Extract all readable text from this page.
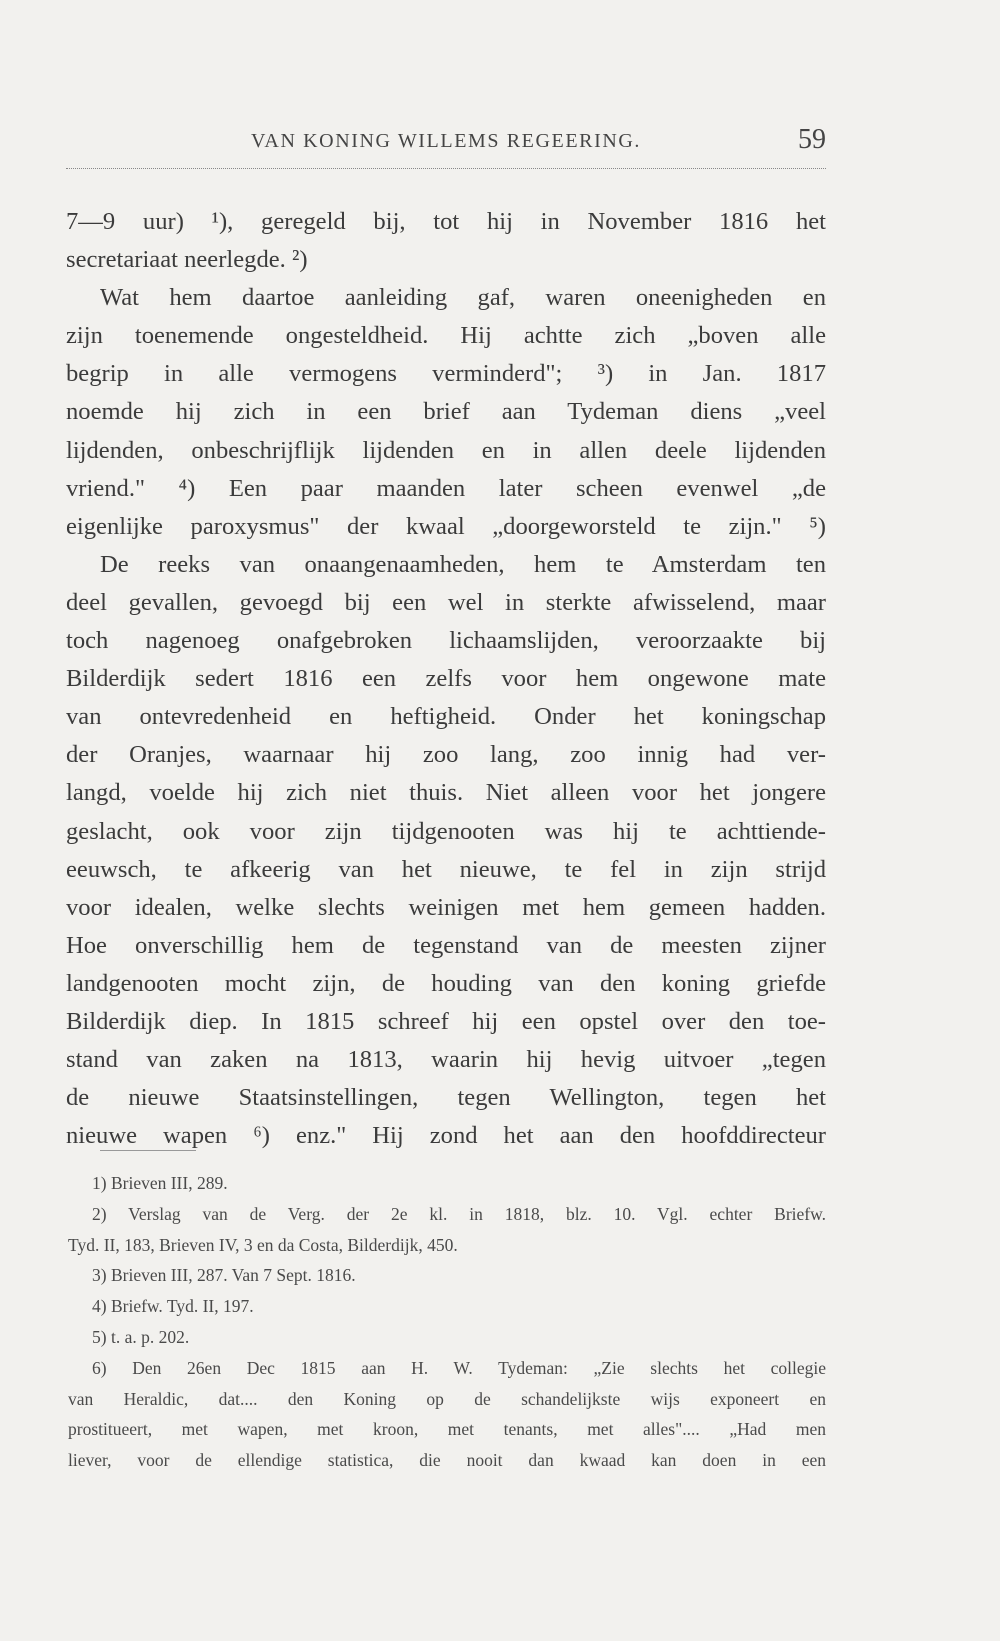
VAN KONING WILLEMS REGEERING.	59
7—9 uur) ¹), geregeld bij, tot hij in November 1816 het
secretariaat neerlegde. ²)
Wat hem daartoe aanleiding gaf, waren oneenigheden en
zijn toenemende ongesteldheid. Hij achtte zich „boven alle
begrip in alle vermogens verminderd"; ³) in Jan. 1817
noemde hij zich in een brief aan Tydeman diens „veel
lijdenden, onbeschrijflijk lijdenden en in allen deele lijdenden
vriend." ⁴) Een paar maanden later scheen evenwel „de
eigenlijke paroxysmus" der kwaal „doorgeworsteld te zijn." ⁵)
De reeks van onaangenaamheden, hem te Amsterdam ten
deel gevallen, gevoegd bij een wel in sterkte afwisselend, maar
toch nagenoeg onafgebroken lichaamslijden, veroorzaakte bij
Bilderdijk sedert 1816 een zelfs voor hem ongewone mate
van ontevredenheid en heftigheid. Onder het koningschap
der Oranjes, waarnaar hij zoo lang, zoo innig had ver-
langd, voelde hij zich niet thuis. Niet alleen voor het jongere
geslacht, ook voor zijn tijdgenooten was hij te achttiende-
eeuwsch, te afkeerig van het nieuwe, te fel in zijn strijd
voor idealen, welke slechts weinigen met hem gemeen hadden.
Hoe onverschillig hem de tegenstand van de meesten zijner
landgenooten mocht zijn, de houding van den koning griefde
Bilderdijk diep. In 1815 schreef hij een opstel over den toe-
stand van zaken na 1813, waarin hij hevig uitvoer „tegen
de nieuwe Staatsinstellingen, tegen Wellington, tegen het
nieuwe wapen ⁶) enz." Hij zond het aan den hoofddirecteur
1) Brieven III, 289.
2) Verslag van de Verg. der 2e kl. in 1818, blz. 10. Vgl. echter Briefw.
Tyd. II, 183, Brieven IV, 3 en da Costa, Bilderdijk, 450.
3) Brieven III, 287. Van 7 Sept. 1816.
4) Briefw. Tyd. II, 197.
5) t. a. p. 202.
6) Den 26en Dec 1815 aan H. W. Tydeman: „Zie slechts het collegie
van Heraldic, dat.... den Koning op de schandelijkste wijs exponeert en
prostitueert, met wapen, met kroon, met tenants, met alles".... „Had men
liever, voor de ellendige statistica, die nooit dan kwaad kan doen in een
